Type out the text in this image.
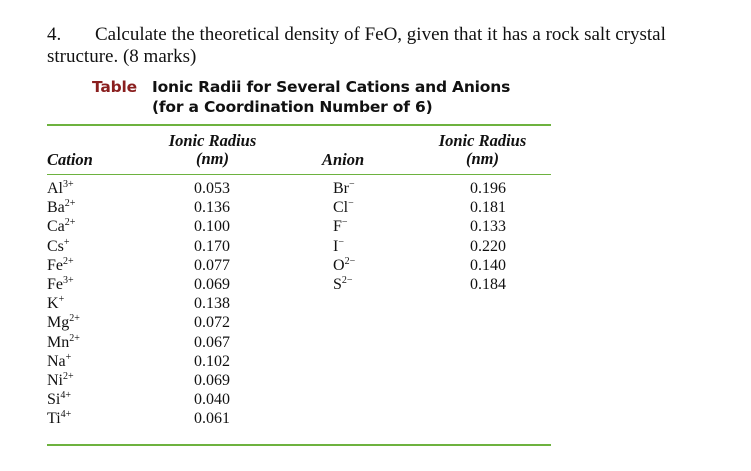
4. Calculate the theoretical density of FeO, given that it has a rock salt crystal structure. (8 marks)
Table Ionic Radii for Several Cations and Anions
(for a Coordination Number of 6)
Cation
Ionic Radius
(nm)	Anion
Ionic Radius
(nm)
$Al^{3+}$
$Ba^{2+}$
$Ca^{2+}$
Cs+
$Fe^{2+}$
$Fe^{3+}$
K+
$Mg^{2+}$
$Mn^{2+}$
Na+
$Ni^{2+}$
$Si^{4+}$
$Ti^{4+}$
0.053
0.136
0.100
0.170
0.077
0.069
0.138
0.072
0.067
0.102
0.069
0.040
0.061
Br−
Cl−
F−
I−
$O^{2-}$
$S^{2-}$
0.196
0.181
0.133
0.220
0.140
0.184
